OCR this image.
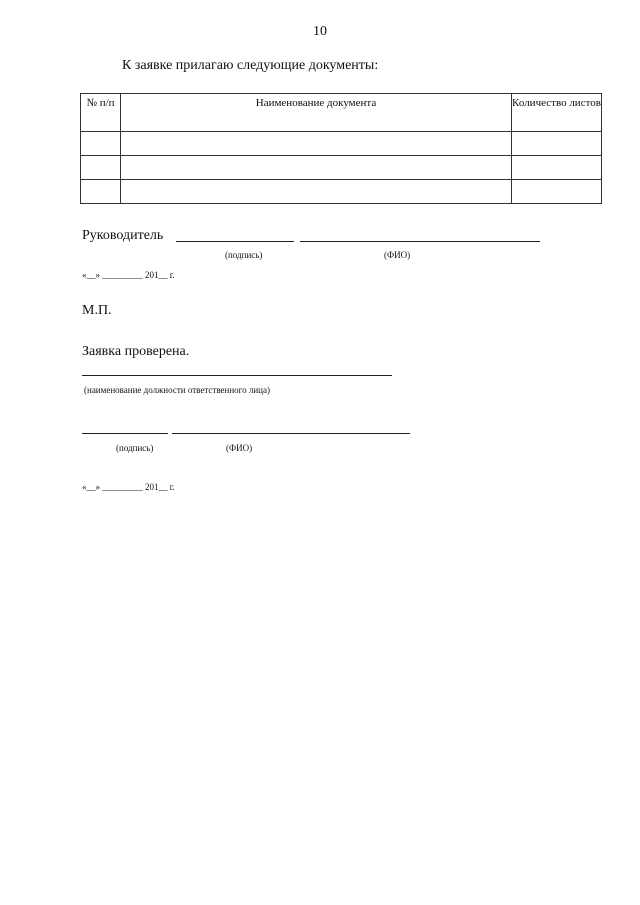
10
К заявке прилагаю следующие документы:
№ п/п	Наименование документа	Количество листов

Руководитель
(подпись)	(ФИО)
«__» _________ 201__ г.
М.П.
Заявка проверена.
(наименование должности ответственного лица)
(подпись)	(ФИО)
«__» _________ 201__ г.
